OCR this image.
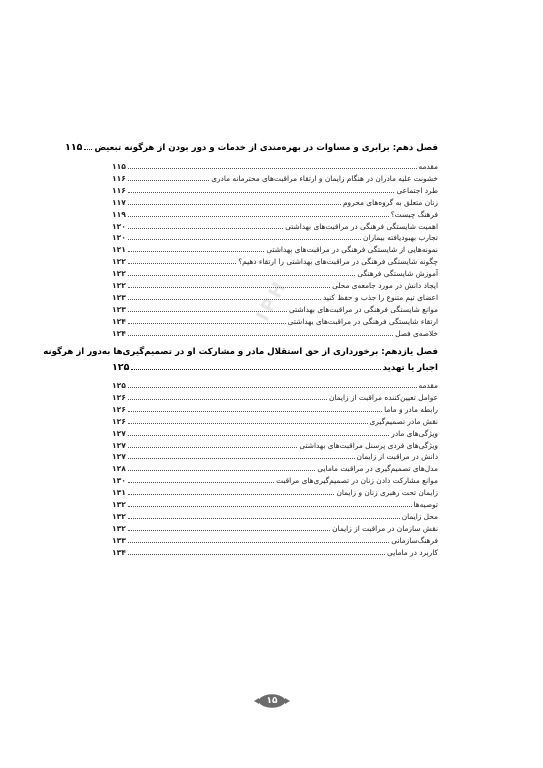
فصل دهم: برابری و مساوات در بهره‌مندی از خدمات و دور بودن از هرگونه تبعیض
۱۱۵
مقدمه
۱۱۵
خشونت علیه مادران در هنگام زایمان و ارتقاء مراقبت‌های محترمانه مادری
۱۱۶
طرد اجتماعی
۱۱۶
زنان متعلق به گروه‌های محروم
۱۱۷
فرهنگ چیست؟
۱۱۹
اهمیت شایستگی فرهنگی در مراقبت‌های بهداشتی
۱۲۰
تجارب بهبودیافته بیماران
۱۲۰
نمونه‌هایی از شایستگی فرهنگی در مراقبت‌های بهداشتی
۱۲۱
چگونه شایستگی فرهنگی در مراقبت‌های بهداشتی را ارتقاء دهیم؟
۱۲۲
آموزش شایستگی فرهنگی
۱۲۲
ایجاد دانش در مورد جامعه‌ی محلی
۱۲۲
اعضای تیم متنوع را جذب و حفظ کنید
۱۲۳
موانع شایستگی فرهنگی در مراقبت‌های بهداشتی
۱۲۳
ارتقاء شایستگی فرهنگی در مراقبت‌های بهداشتی
۱۲۴
خلاصه‌ی فصل
۱۲۴
فصل یازدهم: برخورداری از حق استقلال مادر و مشارکت او در تصمیم‌گیری‌ها به‌دور از هرگونه
اجبار یا تهدید
۱۲۵
مقدمه
۱۲۵
عوامل تعیین‌کننده مراقبت از زایمان
۱۲۶
رابطه مادر و ماما
۱۲۶
نقش مادر تصمیم‌گیری
۱۲۶
ویژگی‌های مادر
۱۲۷
ویژگی‌های فردی پرسنل مراقبت‌های بهداشتی
۱۲۷
دانش در مراقبت از زایمان
۱۲۷
مدل‌های تصمیم‌گیری در مراقبت مامایی
۱۲۸
موانع مشارکت دادن زنان در تصمیم‌گیری‌های مراقبت
۱۳۰
زایمان تحت رهبری زنان و زایمان
۱۳۱
توصیه‌ها
۱۳۲
محل زایمان
۱۳۲
نقش سازمان در مراقبت از زایمان
۱۳۲
فرهنگ‌سازمانی
۱۳۳
کاربرد در مامایی
۱۳۴
IPH
۱۵
